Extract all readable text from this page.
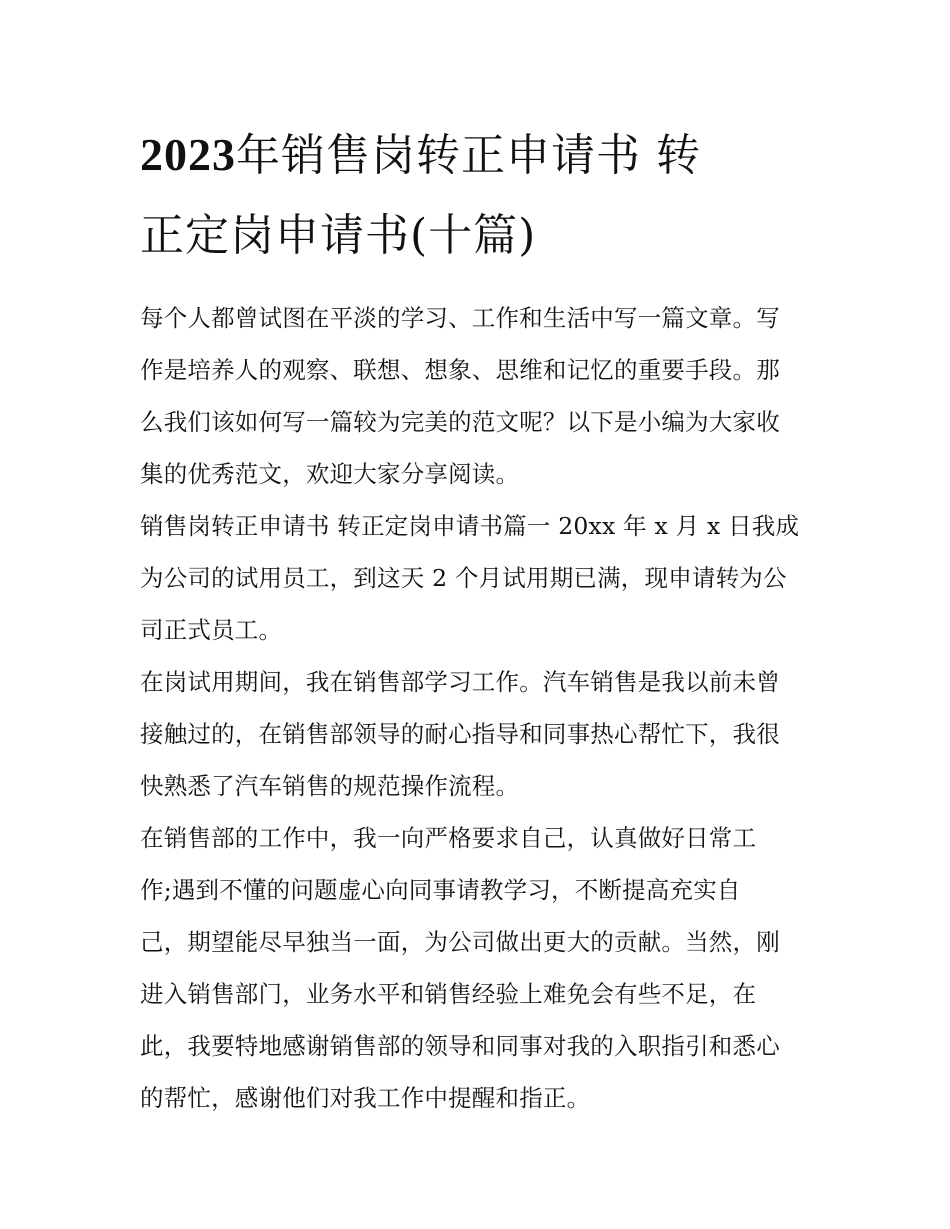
2023年销售岗转正申请书 转
正定岗申请书(十篇)
每个人都曾试图在平淡的学习、工作和生活中写一篇文章。写
作是培养人的观察、联想、想象、思维和记忆的重要手段。那
么我们该如何写一篇较为完美的范文呢？以下是小编为大家收
集的优秀范文，欢迎大家分享阅读。
销售岗转正申请书 转正定岗申请书篇一 20xx 年 x 月 x 日我成
为公司的试用员工，到这天 2 个月试用期已满，现申请转为公
司正式员工。
在岗试用期间，我在销售部学习工作。汽车销售是我以前未曾
接触过的，在销售部领导的耐心指导和同事热心帮忙下，我很
快熟悉了汽车销售的规范操作流程。
在销售部的工作中，我一向严格要求自己，认真做好日常工
作;遇到不懂的问题虚心向同事请教学习，不断提高充实自
己，期望能尽早独当一面，为公司做出更大的贡献。当然，刚
进入销售部门，业务水平和销售经验上难免会有些不足，在
此，我要特地感谢销售部的领导和同事对我的入职指引和悉心
的帮忙，感谢他们对我工作中提醒和指正。
